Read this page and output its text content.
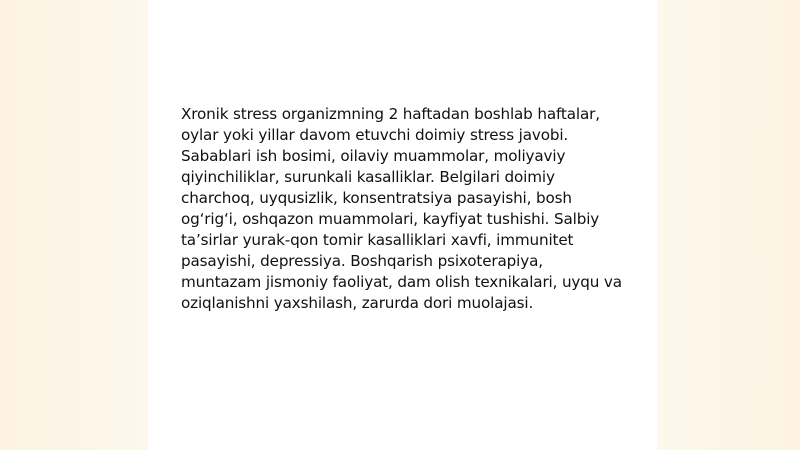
Xronik stress organizmning 2 haftadan boshlab haftalar, oylar yoki yillar davom etuvchi doimiy stress javobi. Sabablari ish bosimi, oilaviy muammolar, moliyaviy qiyinchiliklar, surunkali kasalliklar. Belgilari doimiy charchoq, uyqusizlik, konsentratsiya pasayishi, bosh og‘rig‘i, oshqazon muammolari, kayfiyat tushishi. Salbiy ta’sirlar yurak-qon tomir kasalliklari xavfi, immunitet pasayishi, depressiya. Boshqarish psixoterapiya, muntazam jismoniy faoliyat, dam olish texnikalari, uyqu va oziqlanishni yaxshilash, zarurda dori muolajasi.
